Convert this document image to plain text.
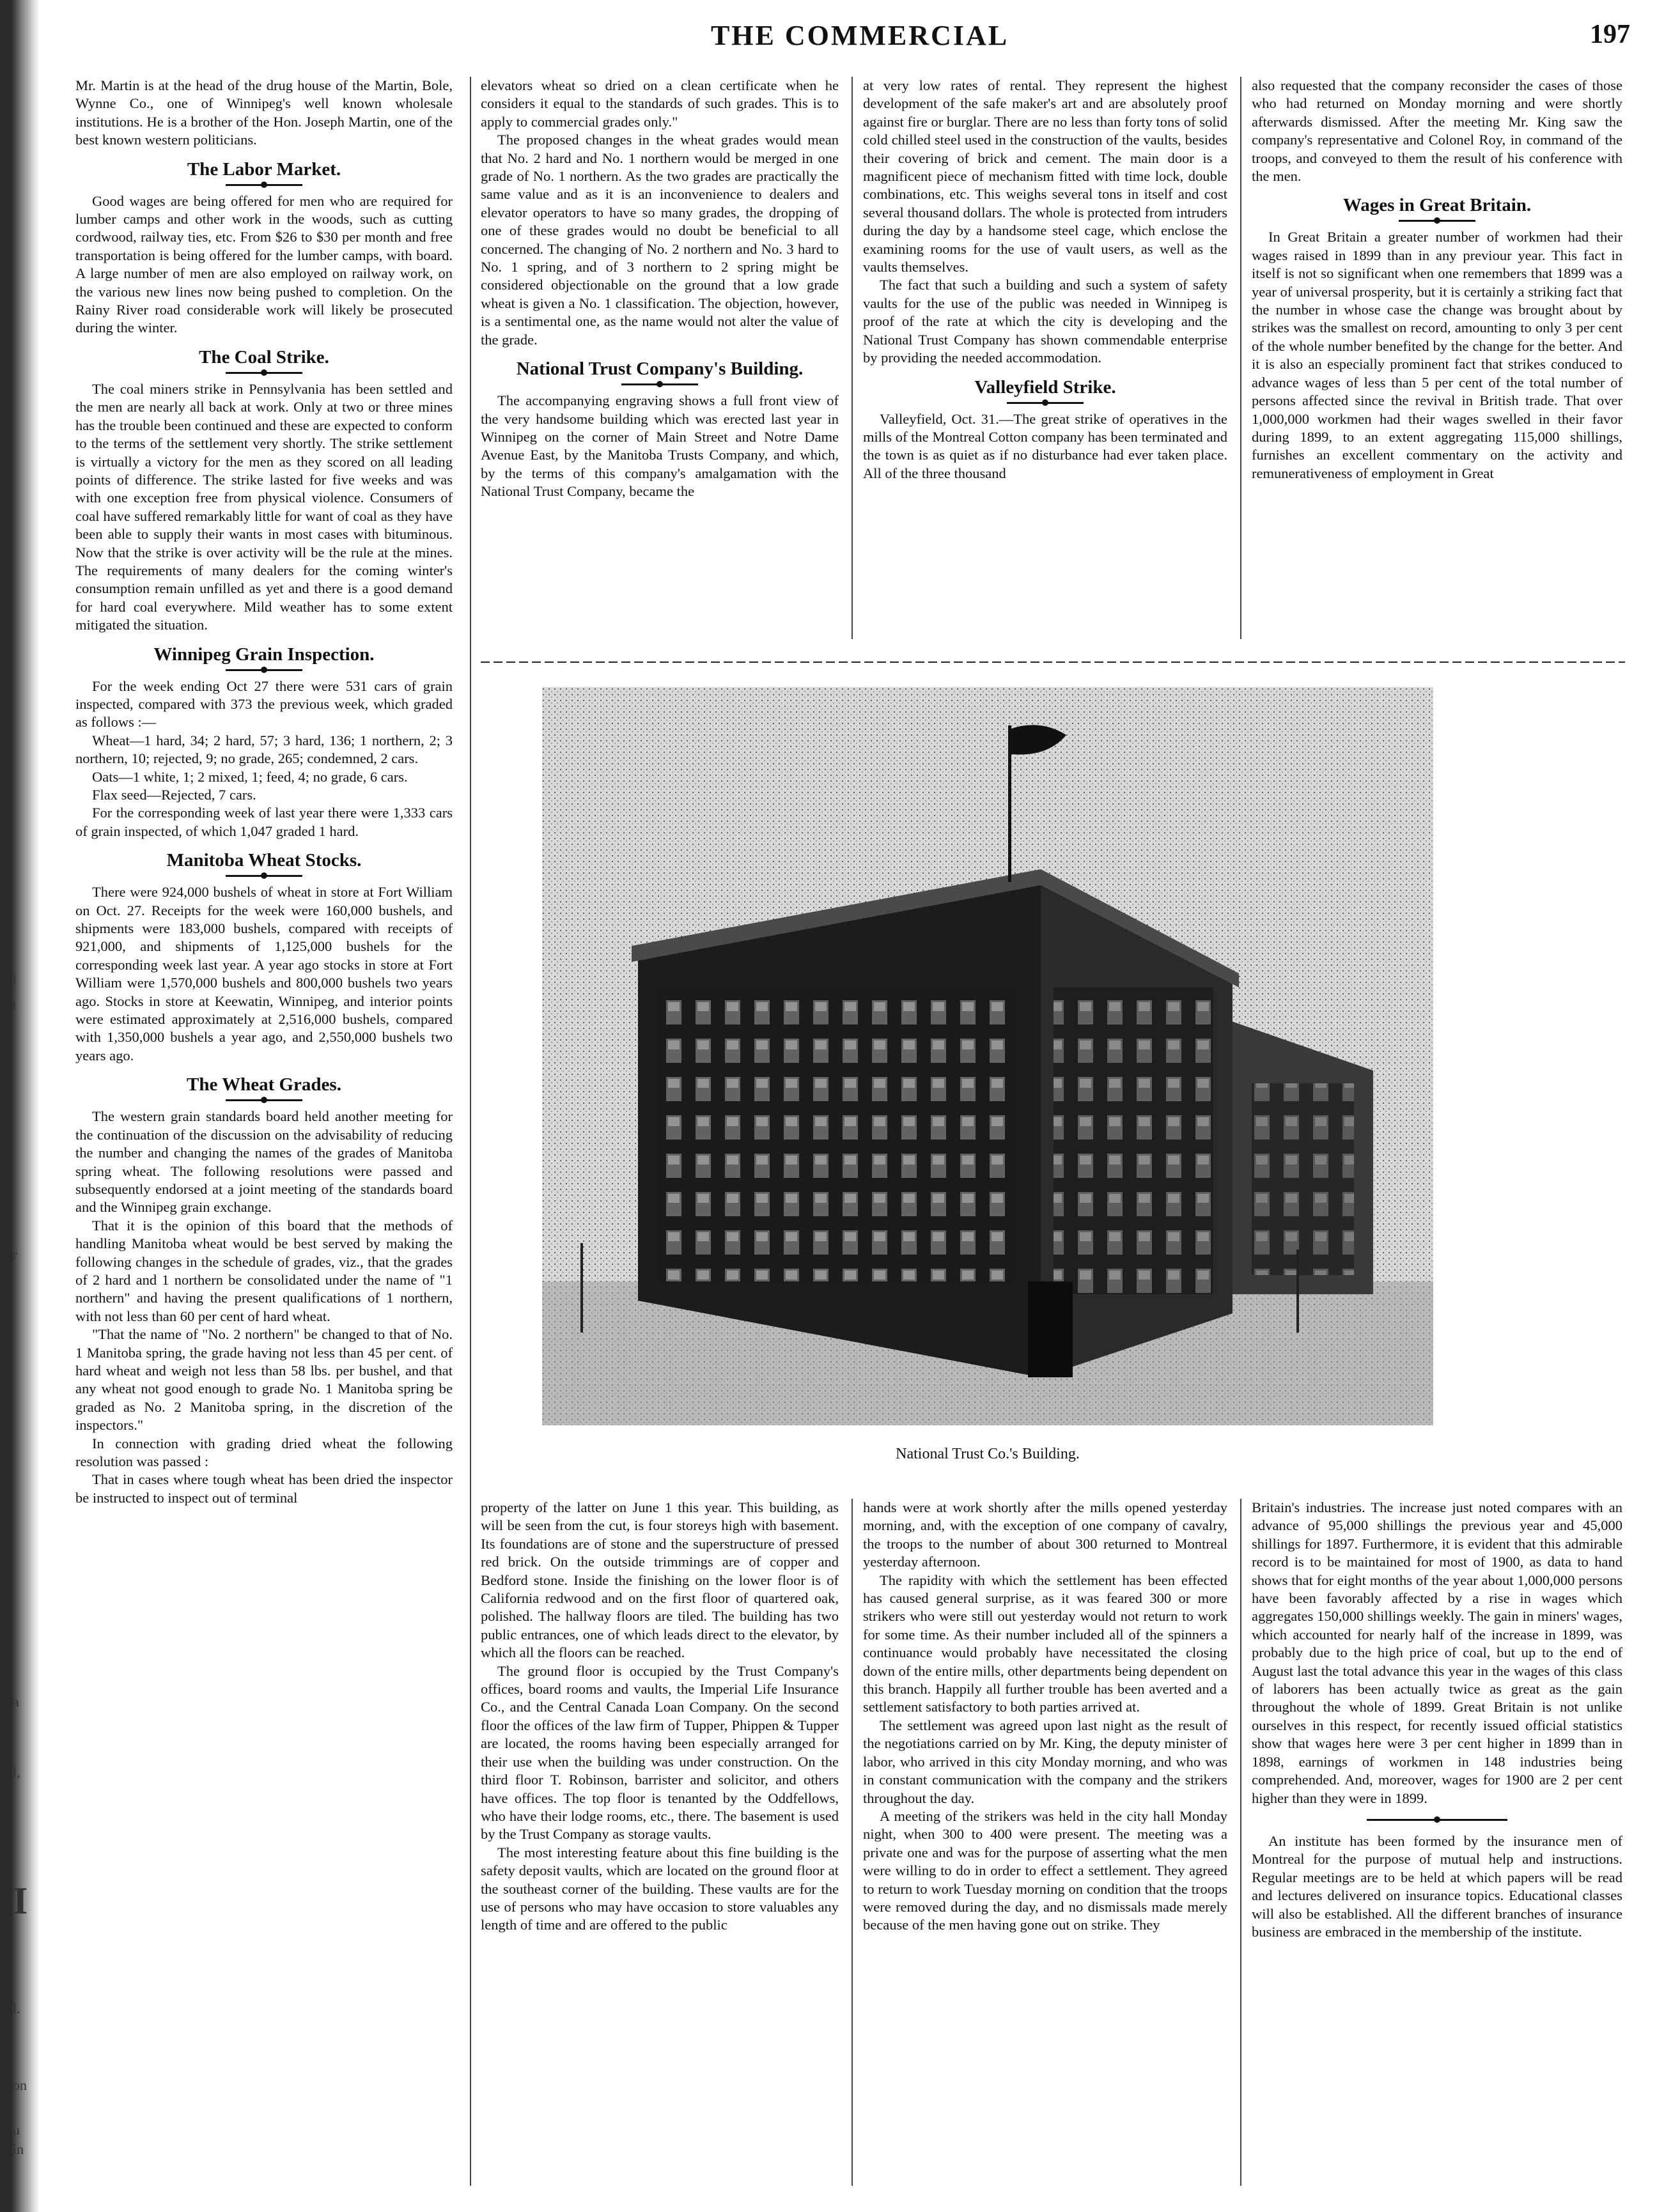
l
t
r
a
l,
I
l.
on
u
in
THE COMMERCIAL	197

Mr. Martin is at the head of the drug house of the Martin, Bole, Wynne Co., one of Winnipeg's well known wholesale institutions. He is a brother of the Hon. Joseph Martin, one of the best known western politicians.

The Labor Market.

Good wages are being offered for men who are required for lumber camps and other work in the woods, such as cutting cordwood, railway ties, etc. From $26 to $30 per month and free transportation is being offered for the lumber camps, with board. A large number of men are also employed on railway work, on the various new lines now being pushed to completion. On the Rainy River road considerable work will likely be prosecuted during the winter.

The Coal Strike.

The coal miners strike in Pennsylvania has been settled and the men are nearly all back at work. Only at two or three mines has the trouble been continued and these are expected to conform to the terms of the settlement very shortly. The strike settlement is virtually a victory for the men as they scored on all leading points of difference. The strike lasted for five weeks and was with one exception free from physical violence. Consumers of coal have suffered remarkably little for want of coal as they have been able to supply their wants in most cases with bituminous. Now that the strike is over activity will be the rule at the mines. The requirements of many dealers for the coming winter's consumption remain unfilled as yet and there is a good demand for hard coal everywhere. Mild weather has to some extent mitigated the situation.

Winnipeg Grain Inspection.

For the week ending Oct 27 there were 531 cars of grain inspected, compared with 373 the previous week, which graded as follows :—

Wheat—1 hard, 34; 2 hard, 57; 3 hard, 136; 1 northern, 2; 3 northern, 10; rejected, 9; no grade, 265; condemned, 2 cars.

Oats—1 white, 1; 2 mixed, 1; feed, 4; no grade, 6 cars.

Flax seed—Rejected, 7 cars.

For the corresponding week of last year there were 1,333 cars of grain inspected, of which 1,047 graded 1 hard.

Manitoba Wheat Stocks.

There were 924,000 bushels of wheat in store at Fort William on Oct. 27. Receipts for the week were 160,000 bushels, and shipments were 183,000 bushels, compared with receipts of 921,000, and shipments of 1,125,000 bushels for the corresponding week last year. A year ago stocks in store at Fort William were 1,570,000 bushels and 800,000 bushels two years ago. Stocks in store at Keewatin, Winnipeg, and interior points were estimated approximately at 2,516,000 bushels, compared with 1,350,000 bushels a year ago, and 2,550,000 bushels two years ago.

The Wheat Grades.

The western grain standards board held another meeting for the continuation of the discussion on the advisability of reducing the number and changing the names of the grades of Manitoba spring wheat. The following resolutions were passed and subsequently endorsed at a joint meeting of the standards board and the Winnipeg grain exchange.

That it is the opinion of this board that the methods of handling Manitoba wheat would be best served by making the following changes in the schedule of grades, viz., that the grades of 2 hard and 1 northern be consolidated under the name of "1 northern" and having the present qualifications of 1 northern, with not less than 60 per cent of hard wheat.

"That the name of "No. 2 northern" be changed to that of No. 1 Manitoba spring, the grade having not less than 45 per cent. of hard wheat and weigh not less than 58 lbs. per bushel, and that any wheat not good enough to grade No. 1 Manitoba spring be graded as No. 2 Manitoba spring, in the discretion of the inspectors."

In connection with grading dried wheat the following resolution was passed :

That in cases where tough wheat has been dried the inspector be instructed to inspect out of terminal

elevators wheat so dried on a clean certificate when he considers it equal to the standards of such grades. This is to apply to commercial grades only."

The proposed changes in the wheat grades would mean that No. 2 hard and No. 1 northern would be merged in one grade of No. 1 northern. As the two grades are practically the same value and as it is an inconvenience to dealers and elevator operators to have so many grades, the dropping of one of these grades would no doubt be beneficial to all concerned. The changing of No. 2 northern and No. 3 hard to No. 1 spring, and of 3 northern to 2 spring might be considered objectionable on the ground that a low grade wheat is given a No. 1 classification. The objection, however, is a sentimental one, as the name would not alter the value of the grade.

National Trust Company's Building.

The accompanying engraving shows a full front view of the very handsome building which was erected last year in Winnipeg on the corner of Main Street and Notre Dame Avenue East, by the Manitoba Trusts Company, and which, by the terms of this company's amalgamation with the National Trust Company, became the

at very low rates of rental. They represent the highest development of the safe maker's art and are absolutely proof against fire or burglar. There are no less than forty tons of solid cold chilled steel used in the construction of the vaults, besides their covering of brick and cement. The main door is a magnificent piece of mechanism fitted with time lock, double combinations, etc. This weighs several tons in itself and cost several thousand dollars. The whole is protected from intruders during the day by a handsome steel cage, which enclose the examining rooms for the use of vault users, as well as the vaults themselves.

The fact that such a building and such a system of safety vaults for the use of the public was needed in Winnipeg is proof of the rate at which the city is developing and the National Trust Company has shown commendable enterprise by providing the needed accommodation.

Valleyfield Strike.

Valleyfield, Oct. 31.—The great strike of operatives in the mills of the Montreal Cotton company has been terminated and the town is as quiet as if no disturbance had ever taken place. All of the three thousand

also requested that the company reconsider the cases of those who had returned on Monday morning and were shortly afterwards dismissed. After the meeting Mr. King saw the company's representative and Colonel Roy, in command of the troops, and conveyed to them the result of his conference with the men.

Wages in Great Britain.

In Great Britain a greater number of workmen had their wages raised in 1899 than in any previour year. This fact in itself is not so significant when one remembers that 1899 was a year of universal prosperity, but it is certainly a striking fact that the number in whose case the change was brought about by strikes was the smallest on record, amounting to only 3 per cent of the whole number benefited by the change for the better. And it is also an especially prominent fact that strikes conduced to advance wages of less than 5 per cent of the total number of persons affected since the revival in British trade. That over 1,000,000 workmen had their wages swelled in their favor during 1899, to an extent aggregating 115,000 shillings, furnishes an excellent commentary on the activity and remunerativeness of employment in Great

National Trust Co.'s Building.

property of the latter on June 1 this year. This building, as will be seen from the cut, is four storeys high with basement. Its foundations are of stone and the superstructure of pressed red brick. On the outside trimmings are of copper and Bedford stone. Inside the finishing on the lower floor is of California redwood and on the first floor of quartered oak, polished. The hallway floors are tiled. The building has two public entrances, one of which leads direct to the elevator, by which all the floors can be reached.

The ground floor is occupied by the Trust Company's offices, board rooms and vaults, the Imperial Life Insurance Co., and the Central Canada Loan Company. On the second floor the offices of the law firm of Tupper, Phippen & Tupper are located, the rooms having been especially arranged for their use when the building was under construction. On the third floor T. Robinson, barrister and solicitor, and others have offices. The top floor is tenanted by the Oddfellows, who have their lodge rooms, etc., there. The basement is used by the Trust Company as storage vaults.

The most interesting feature about this fine building is the safety deposit vaults, which are located on the ground floor at the southeast corner of the building. These vaults are for the use of persons who may have occasion to store valuables any length of time and are offered to the public

hands were at work shortly after the mills opened yesterday morning, and, with the exception of one company of cavalry, the troops to the number of about 300 returned to Montreal yesterday afternoon.

The rapidity with which the settlement has been effected has caused general surprise, as it was feared 300 or more strikers who were still out yesterday would not return to work for some time. As their number included all of the spinners a continuance would probably have necessitated the closing down of the entire mills, other departments being dependent on this branch. Happily all further trouble has been averted and a settlement satisfactory to both parties arrived at.

The settlement was agreed upon last night as the result of the negotiations carried on by Mr. King, the deputy minister of labor, who arrived in this city Monday morning, and who was in constant communication with the company and the strikers throughout the day.

A meeting of the strikers was held in the city hall Monday night, when 300 to 400 were present. The meeting was a private one and was for the purpose of asserting what the men were willing to do in order to effect a settlement. They agreed to return to work Tuesday morning on condition that the troops were removed during the day, and no dismissals made merely because of the men having gone out on strike. They

Britain's industries. The increase just noted compares with an advance of 95,000 shillings the previous year and 45,000 shillings for 1897. Furthermore, it is evident that this admirable record is to be maintained for most of 1900, as data to hand shows that for eight months of the year about 1,000,000 persons have been favorably affected by a rise in wages which aggregates 150,000 shillings weekly. The gain in miners' wages, which accounted for nearly half of the increase in 1899, was probably due to the high price of coal, but up to the end of August last the total advance this year in the wages of this class of laborers has been actually twice as great as the gain throughout the whole of 1899. Great Britain is not unlike ourselves in this respect, for recently issued official statistics show that wages here were 3 per cent higher in 1899 than in 1898, earnings of workmen in 148 industries being comprehended. And, moreover, wages for 1900 are 2 per cent higher than they were in 1899.

An institute has been formed by the insurance men of Montreal for the purpose of mutual help and instructions. Regular meetings are to be held at which papers will be read and lectures delivered on insurance topics. Educational classes will also be established. All the different branches of insurance business are embraced in the membership of the institute.
